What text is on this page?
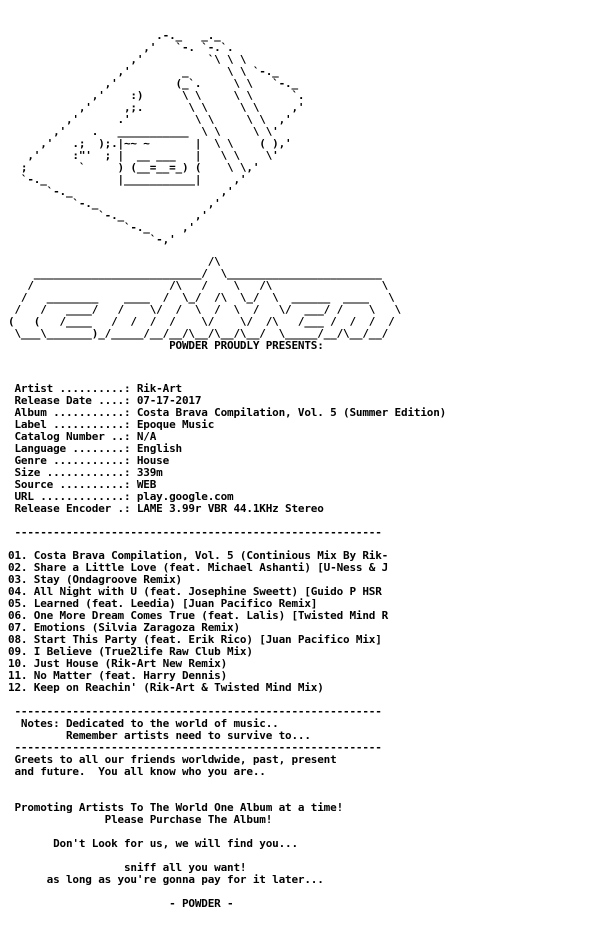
.-._   _._
,'   `-. `-.`.
,'          `\ \ \
,'        _      \ \ `-._
,'         (_`.     \ \   `-._
,'    :)      \ \     \ \      `.
,'     ,;.       \ \     \ \     ,'
,'      .'          \ \     \ \  ,'
,'    .   ___________  \ \     \ \'
,'   .;  );.|~~ ~       |  \ \    ( ),'
,'     :"'  ; |  __ ___   |   \ \    \'
;        `     ) (__=__=_) (    \ \,'
`-._           |___________|     ,'
`-._                       ,'
`-._                 ,'
`-._           ,'
`-._     ,'
`-,'
/\
__________________________/  \________________________
/                     /\   /    \   /\                 \
/   ________    ____  /  \_/  /\  \_/  \  ______  ____   \
/   /   ____/   /    \/  /  \  /  \  /   \/  ___/ /    \   \
(   (   /____   /  /  /  /    \/    \/  /\   /___ /  /  /  /
\___\_______)_/_____/__/__/\__/\__/\__/  \_____/__/\__/__/
POWDER PROUDLY PRESENTS:
Artist ..........: Rik-Art
Release Date ....: 07-17-2017
Album ...........: Costa Brava Compilation, Vol. 5 (Summer Edition)
Label ...........: Epoque Music
Catalog Number ..: N/A
Language ........: English
Genre ...........: House
Size ............: 339m
Source ..........: WEB
URL .............: play.google.com
Release Encoder .: LAME 3.99r VBR 44.1KHz Stereo
---------------------------------------------------------
01. Costa Brava Compilation, Vol. 5 (Continious Mix By Rik-
02. Share a Little Love (feat. Michael Ashanti) [U-Ness & J
03. Stay (Ondagroove Remix)
04. All Night with U (feat. Josephine Sweett) [Guido P HSR
05. Learned (feat. Leedia) [Juan Pacifico Remix]
06. One More Dream Comes True (feat. Lalis) [Twisted Mind R
07. Emotions (Silvia Zaragoza Remix)
08. Start This Party (feat. Erik Rico) [Juan Pacifico Mix]
09. I Believe (True2life Raw Club Mix)
10. Just House (Rik-Art New Remix)
11. No Matter (feat. Harry Dennis)
12. Keep on Reachin' (Rik-Art & Twisted Mind Mix)
---------------------------------------------------------
Notes: Dedicated to the world of music..
Remember artists need to survive to...
---------------------------------------------------------
Greets to all our friends worldwide, past, present
and future.  You all know who you are..
Promoting Artists To The World One Album at a time!
Please Purchase The Album!
Don't Look for us, we will find you...
sniff all you want!
as long as you're gonna pay for it later...
- POWDER -
